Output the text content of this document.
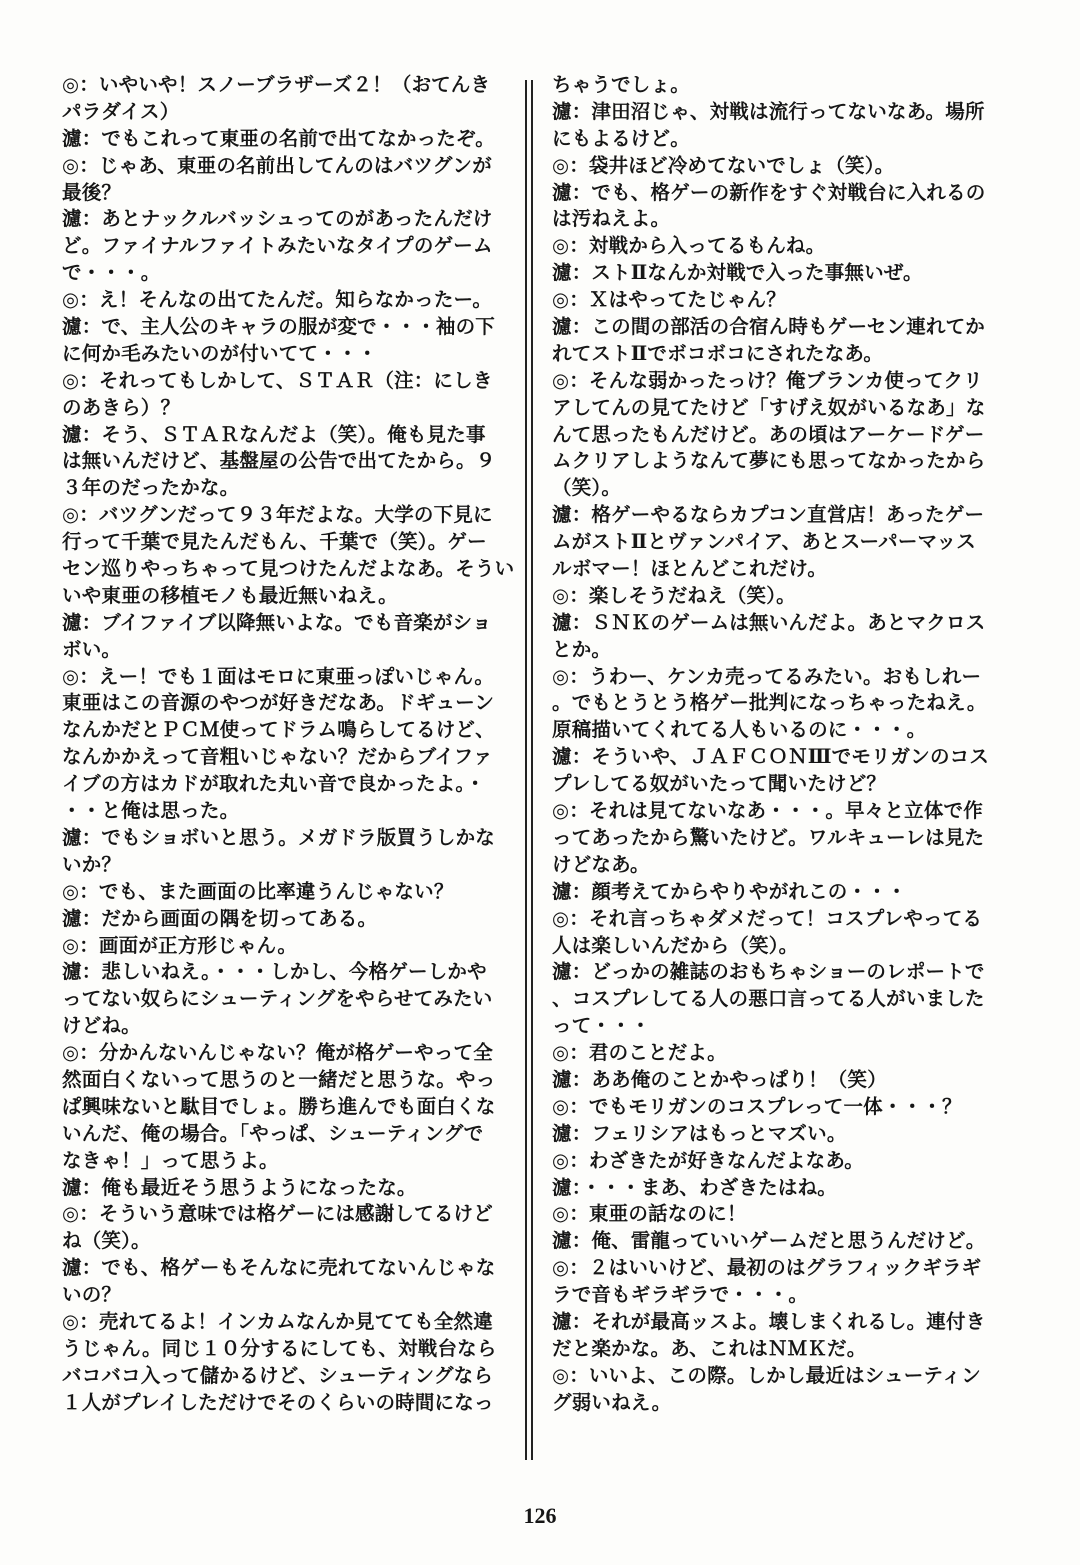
◎：いやいや！スノーブラザーズ２！（おてんき
パラダイス）
濾：でもこれって東亜の名前で出てなかったぞ。
◎：じゃあ、東亜の名前出してんのはバツグンが
最後？
濾：あとナックルバッシュってのがあったんだけ
ど。ファイナルファイトみたいなタイプのゲーム
で・・・。
◎：え！そんなの出てたんだ。知らなかったー。
濾：で、主人公のキャラの服が変で・・・袖の下
に何か毛みたいのが付いてて・・・
◎：それってもしかして、ＳＴＡＲ（注：にしき
のあきら）？
濾：そう、ＳＴＡＲなんだよ（笑）。俺も見た事
は無いんだけど、基盤屋の公告で出てたから。９
３年のだったかな。
◎：バツグンだって９３年だよな。大学の下見に
行って千葉で見たんだもん、千葉で（笑）。ゲー
セン巡りやっちゃって見つけたんだよなあ。そうい
いや東亜の移植モノも最近無いねえ。
濾：ブイファイブ以降無いよな。でも音楽がショ
ボい。
◎：えー！でも１面はモロに東亜っぽいじゃん。
東亜はこの音源のやつが好きだなあ。ドギューン
なんかだとＰＣＭ使ってドラム鳴らしてるけど、
なんかかえって音粗いじゃない？だからブイファ
イブの方はカドが取れた丸い音で良かったよ。・
・・と俺は思った。
濾：でもショボいと思う。メガドラ版買うしかな
いか？
◎：でも、また画面の比率違うんじゃない？
濾：だから画面の隅を切ってある。
◎：画面が正方形じゃん。
濾：悲しいねえ。・・・しかし、今格ゲーしかや
ってない奴らにシューティングをやらせてみたい
けどね。
◎：分かんないんじゃない？俺が格ゲーやって全
然面白くないって思うのと一緒だと思うな。やっ
ぱ興味ないと駄目でしょ。勝ち進んでも面白くな
いんだ、俺の場合。「やっぱ、シューティングで
なきゃ！」って思うよ。
濾：俺も最近そう思うようになったな。
◎：そういう意味では格ゲーには感謝してるけど
ね（笑）。
濾：でも、格ゲーもそんなに売れてないんじゃな
いの？
◎：売れてるよ！インカムなんか見てても全然違
うじゃん。同じ１０分するにしても、対戦台なら
バコバコ入って儲かるけど、シューティングなら
１人がプレイしただけでそのくらいの時間になっ
ちゃうでしょ。
濾：津田沼じゃ、対戦は流行ってないなあ。場所
にもよるけど。
◎：袋井ほど冷めてないでしょ（笑）。
濾：でも、格ゲーの新作をすぐ対戦台に入れるの
は汚ねえよ。
◎：対戦から入ってるもんね。
濾：ストⅡなんか対戦で入った事無いぜ。
◎：Ｘはやってたじゃん？
濾：この間の部活の合宿ん時もゲーセン連れてか
れてストⅡでボコボコにされたなあ。
◎：そんな弱かったっけ？俺ブランカ使ってクリ
アしてんの見てたけど「すげえ奴がいるなあ」な
んて思ったもんだけど。あの頃はアーケードゲー
ムクリアしようなんて夢にも思ってなかったから
（笑）。
濾：格ゲーやるならカプコン直営店！あったゲー
ムがストⅡとヴァンパイア、あとスーパーマッス
ルボマー！ほとんどこれだけ。
◎：楽しそうだねえ（笑）。
濾：ＳＮＫのゲームは無いんだよ。あとマクロス
とか。
◎：うわー、ケンカ売ってるみたい。おもしれー
。でもとうとう格ゲー批判になっちゃったねえ。
原稿描いてくれてる人もいるのに・・・。
濾：そういや、ＪＡＦＣＯＮⅢでモリガンのコス
プレしてる奴がいたって聞いたけど？
◎：それは見てないなあ・・・。早々と立体で作
ってあったから驚いたけど。ワルキューレは見た
けどなあ。
濾：顔考えてからやりやがれこの・・・
◎：それ言っちゃダメだって！コスプレやってる
人は楽しいんだから（笑）。
濾：どっかの雑誌のおもちゃショーのレポートで
、コスプレしてる人の悪口言ってる人がいました
って・・・
◎：君のことだよ。
濾：ああ俺のことかやっぱり！（笑）
◎：でもモリガンのコスプレって一体・・・？
濾：フェリシアはもっとマズい。
◎：わざきたが好きなんだよなあ。
濾：・・・まあ、わざきたはね。
◎：東亜の話なのに！
濾：俺、雷龍っていいゲームだと思うんだけど。
◎：２はいいけど、最初のはグラフィックギラギ
ラで音もギラギラで・・・。
濾：それが最高ッスよ。壊しまくれるし。連付き
だと楽かな。あ、これはＮＭＫだ。
◎：いいよ、この際。しかし最近はシューティン
グ弱いねえ。
126
